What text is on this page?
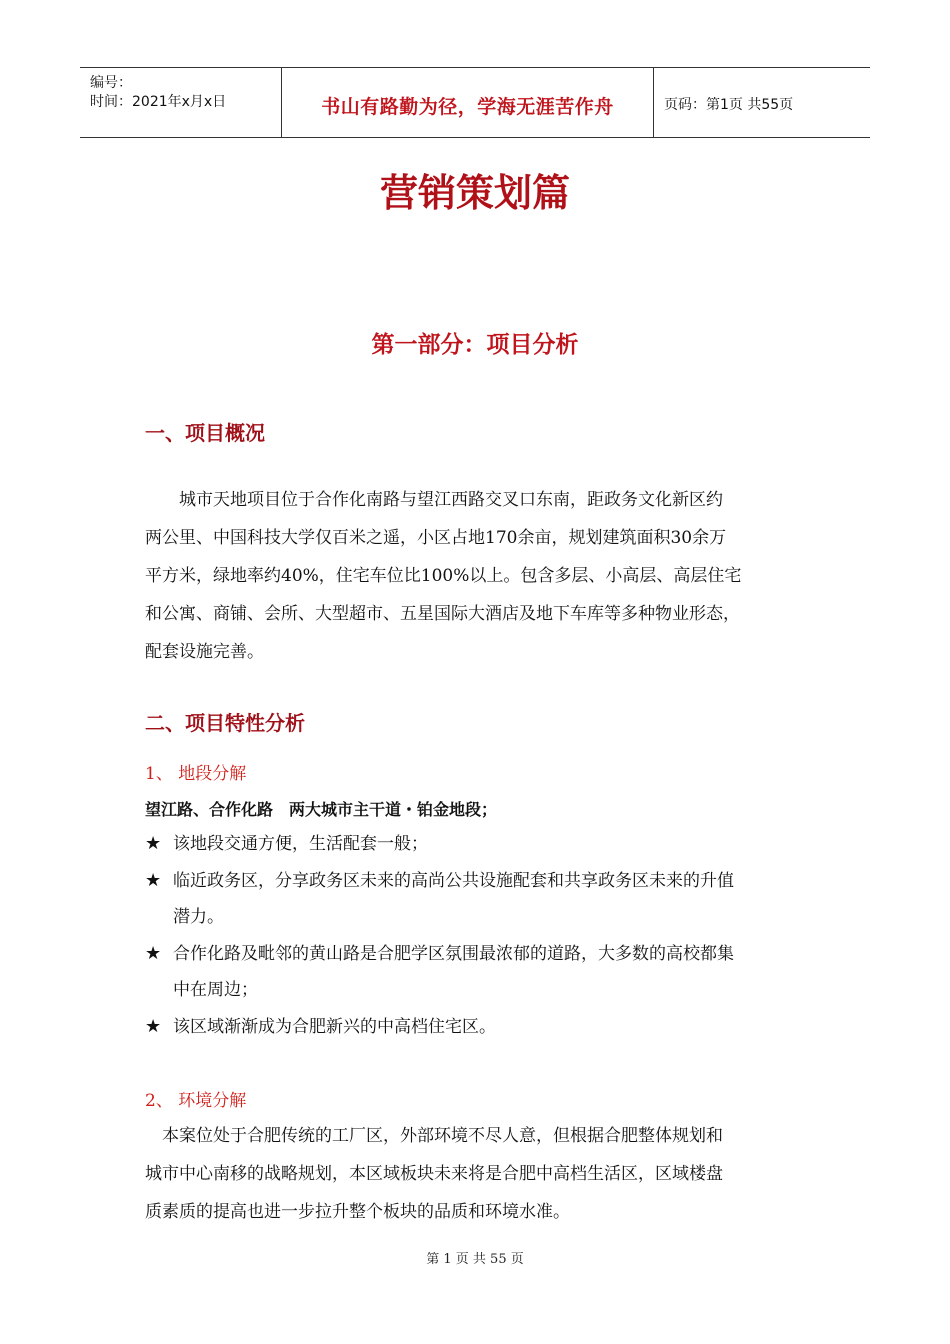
编号：
时间：2021年x月x日	书山有路勤为径，学海无涯苦作舟	页码：第1页 共55页
营销策划篇
第一部分：项目分析
一、项目概况
　　城市天地项目位于合作化南路与望江西路交叉口东南，距政务文化新区约
两公里、中国科技大学仅百米之遥，小区占地170余亩，规划建筑面积30余万
平方米，绿地率约40%，住宅车位比100%以上。包含多层、小高层、高层住宅
和公寓、商铺、会所、大型超市、五星国际大酒店及地下车库等多种物业形态，
配套设施完善。
二、项目特性分析
1、 地段分解
望江路、合作化路　两大城市主干道・铂金地段；
★ 该地段交通方便，生活配套一般；
★ 临近政务区，分享政务区未来的高尚公共设施配套和共享政务区未来的升值
潜力。
★ 合作化路及毗邻的黄山路是合肥学区氛围最浓郁的道路，大多数的高校都集
中在周边；
★ 该区域渐渐成为合肥新兴的中高档住宅区。
2、 环境分解
　本案位处于合肥传统的工厂区，外部环境不尽人意，但根据合肥整体规划和
城市中心南移的战略规划，本区域板块未来将是合肥中高档生活区，区域楼盘
质素质的提高也进一步拉升整个板块的品质和环境水准。
第 1 页 共 55 页
